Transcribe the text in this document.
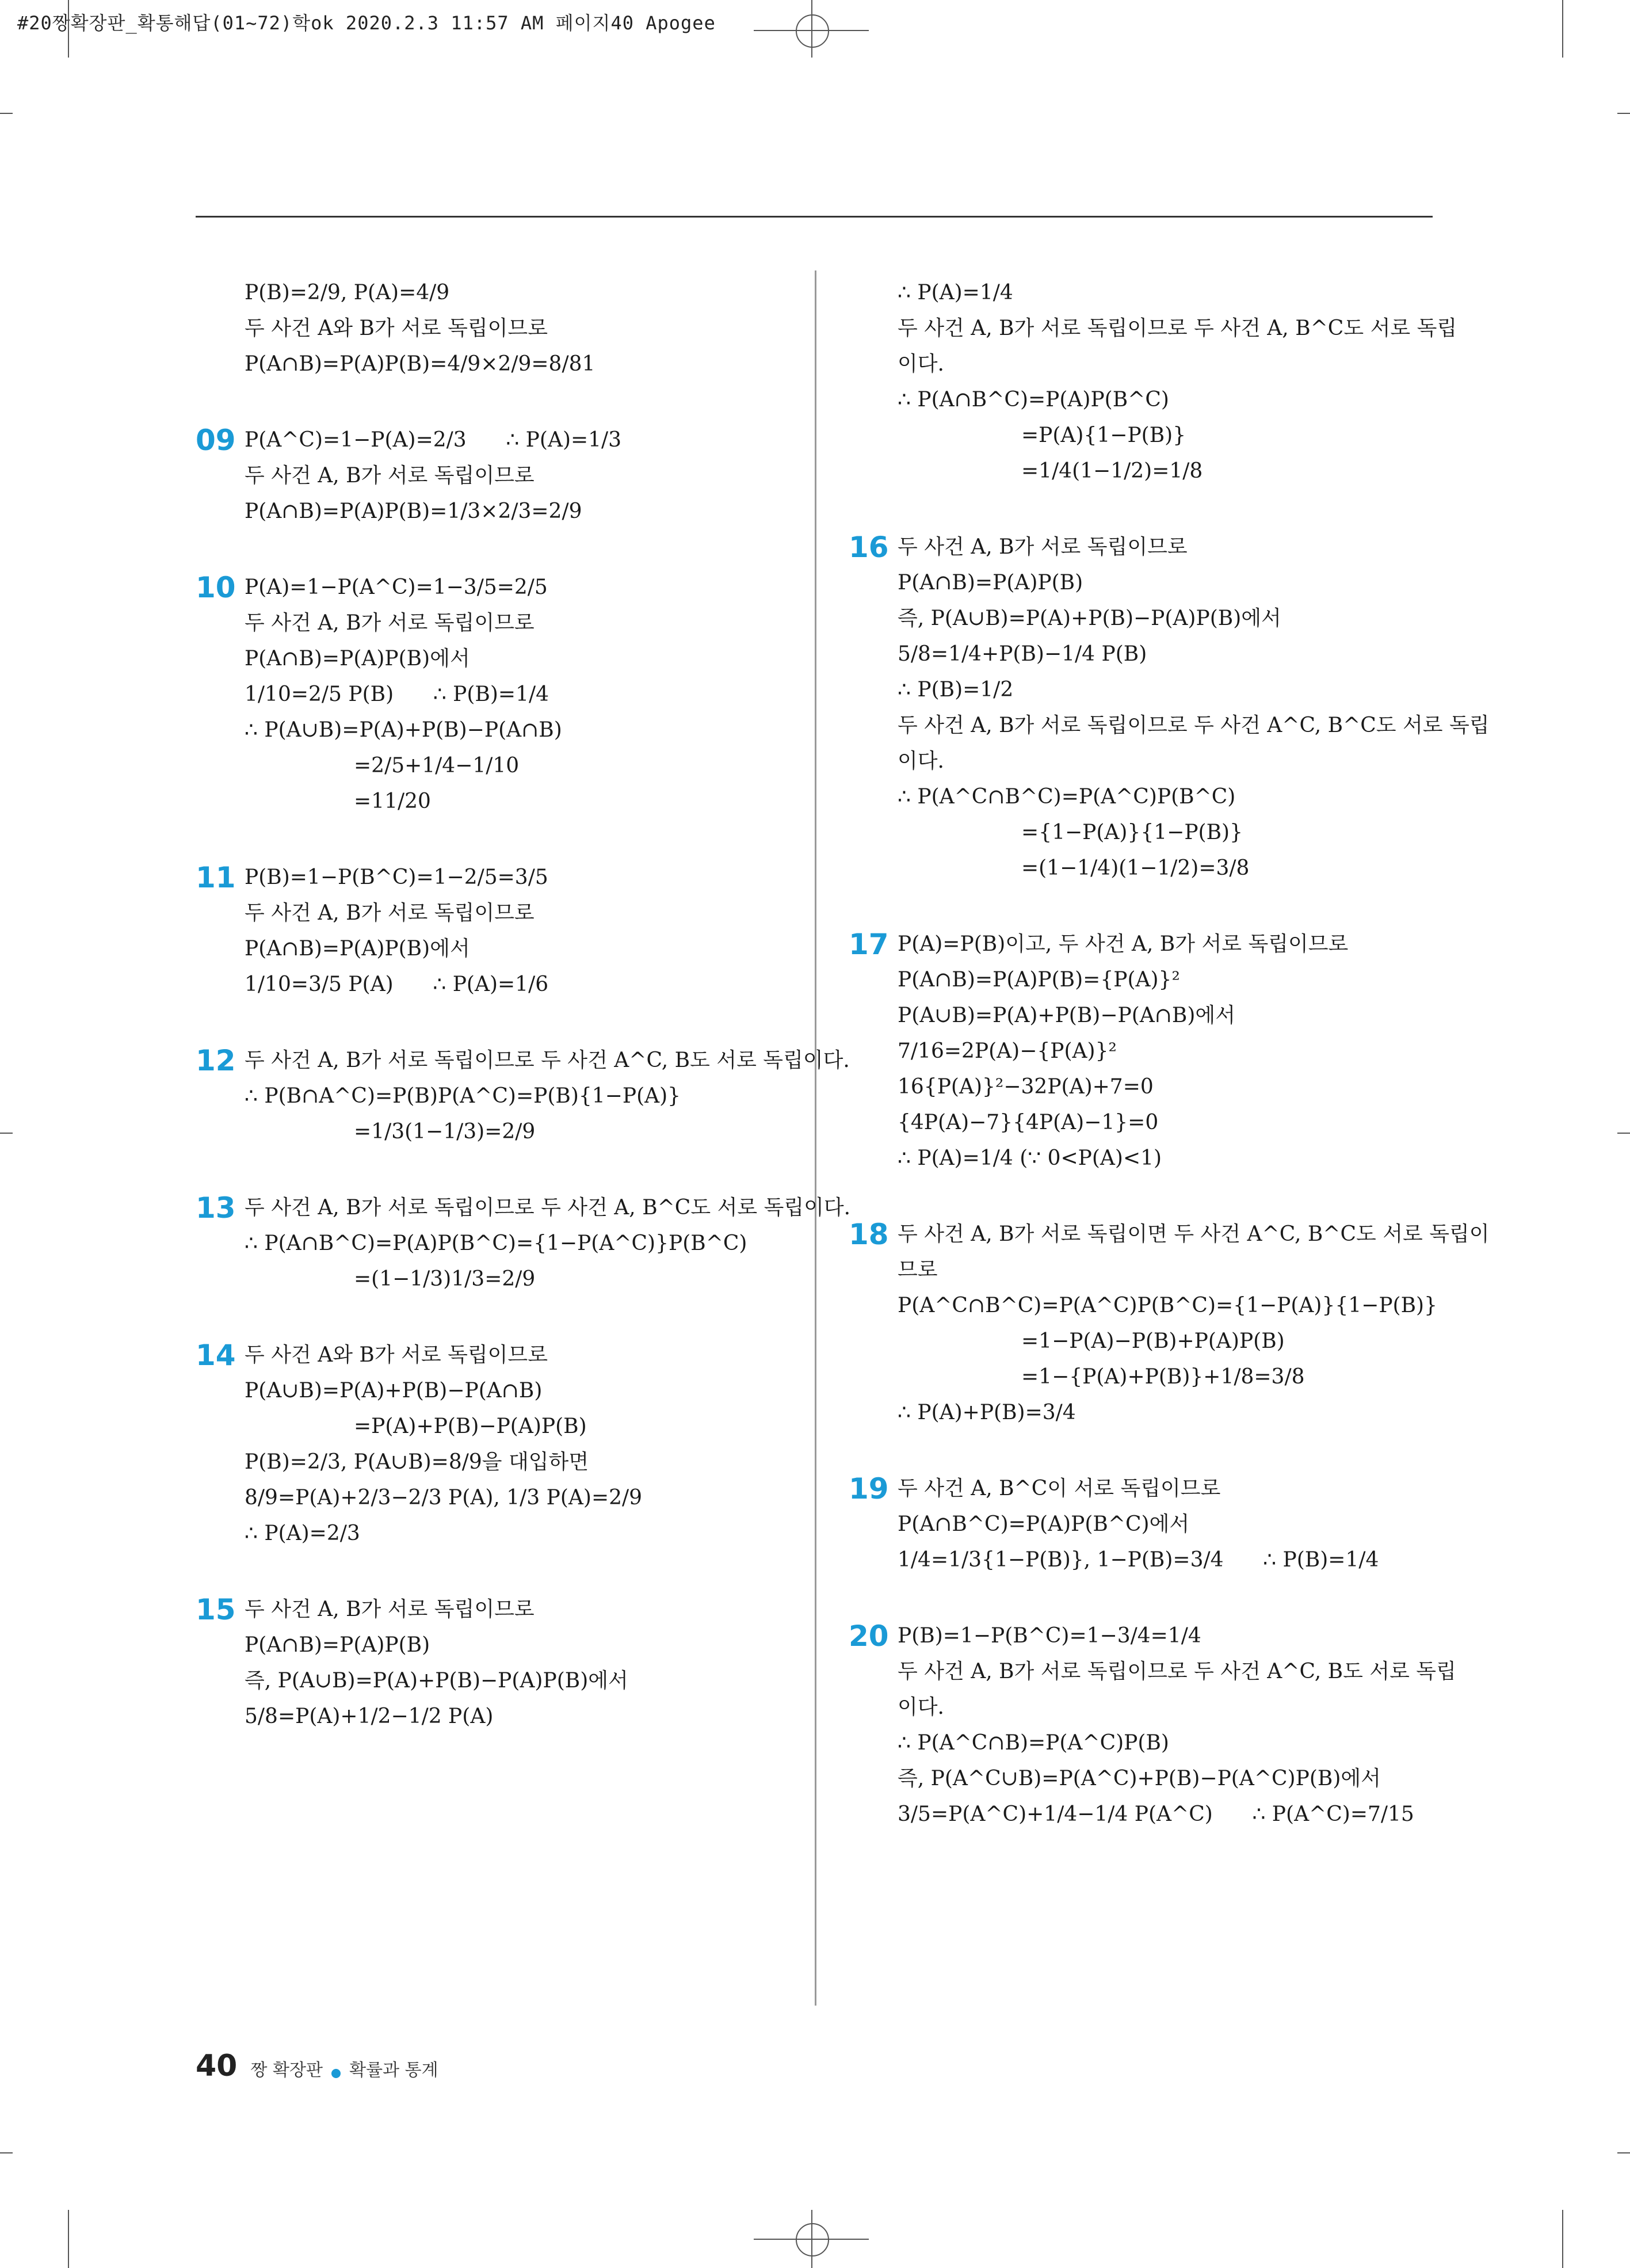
#20짱확장판_확통해답(01~72)학ok 2020.2.3 11:57 AM 페이지40 Apogee
P(B)=2/9, P(A)=4/9
두 사건 A와 B가 서로 독립이므로
P(A∩B)=P(A)P(B)=4/9×2/9=8/81
09 P(A^C)=1−P(A)=2/3      ∴ P(A)=1/3
두 사건 A, B가 서로 독립이므로
P(A∩B)=P(A)P(B)=1/3×2/3=2/9
10 P(A)=1−P(A^C)=1−3/5=2/5
두 사건 A, B가 서로 독립이므로
P(A∩B)=P(A)P(B)에서
1/10=2/5 P(B)      ∴ P(B)=1/4
∴ P(A∪B)=P(A)+P(B)−P(A∩B)
=2/5+1/4−1/10
=11/20
11 P(B)=1−P(B^C)=1−2/5=3/5
두 사건 A, B가 서로 독립이므로
P(A∩B)=P(A)P(B)에서
1/10=3/5 P(A)      ∴ P(A)=1/6
12 두 사건 A, B가 서로 독립이므로 두 사건 A^C, B도 서로 독립이다.
∴ P(B∩A^C)=P(B)P(A^C)=P(B){1−P(A)}
=1/3(1−1/3)=2/9
13 두 사건 A, B가 서로 독립이므로 두 사건 A, B^C도 서로 독립이다.
∴ P(A∩B^C)=P(A)P(B^C)={1−P(A^C)}P(B^C)
=(1−1/3)1/3=2/9
14 두 사건 A와 B가 서로 독립이므로
P(A∪B)=P(A)+P(B)−P(A∩B)
=P(A)+P(B)−P(A)P(B)
P(B)=2/3, P(A∪B)=8/9을 대입하면
8/9=P(A)+2/3−2/3 P(A), 1/3 P(A)=2/9
∴ P(A)=2/3
15 두 사건 A, B가 서로 독립이므로
P(A∩B)=P(A)P(B)
즉, P(A∪B)=P(A)+P(B)−P(A)P(B)에서
5/8=P(A)+1/2−1/2 P(A)
∴ P(A)=1/4
두 사건 A, B가 서로 독립이므로 두 사건 A, B^C도 서로 독립
이다.
∴ P(A∩B^C)=P(A)P(B^C)
=P(A){1−P(B)}
=1/4(1−1/2)=1/8
16 두 사건 A, B가 서로 독립이므로
P(A∩B)=P(A)P(B)
즉, P(A∪B)=P(A)+P(B)−P(A)P(B)에서
5/8=1/4+P(B)−1/4 P(B)
∴ P(B)=1/2
두 사건 A, B가 서로 독립이므로 두 사건 A^C, B^C도 서로 독립
이다.
∴ P(A^C∩B^C)=P(A^C)P(B^C)
={1−P(A)}{1−P(B)}
=(1−1/4)(1−1/2)=3/8
17 P(A)=P(B)이고, 두 사건 A, B가 서로 독립이므로
P(A∩B)=P(A)P(B)={P(A)}²
P(A∪B)=P(A)+P(B)−P(A∩B)에서
7/16=2P(A)−{P(A)}²
16{P(A)}²−32P(A)+7=0
{4P(A)−7}{4P(A)−1}=0
∴ P(A)=1/4 (∵ 0<P(A)<1)
18 두 사건 A, B가 서로 독립이면 두 사건 A^C, B^C도 서로 독립이
므로
P(A^C∩B^C)=P(A^C)P(B^C)={1−P(A)}{1−P(B)}
=1−P(A)−P(B)+P(A)P(B)
=1−{P(A)+P(B)}+1/8=3/8
∴ P(A)+P(B)=3/4
19 두 사건 A, B^C이 서로 독립이므로
P(A∩B^C)=P(A)P(B^C)에서
1/4=1/3{1−P(B)}, 1−P(B)=3/4      ∴ P(B)=1/4
20 P(B)=1−P(B^C)=1−3/4=1/4
두 사건 A, B가 서로 독립이므로 두 사건 A^C, B도 서로 독립
이다.
∴ P(A^C∩B)=P(A^C)P(B)
즉, P(A^C∪B)=P(A^C)+P(B)−P(A^C)P(B)에서
3/5=P(A^C)+1/4−1/4 P(A^C)      ∴ P(A^C)=7/15
40 짱 확장판 확률과 통계
